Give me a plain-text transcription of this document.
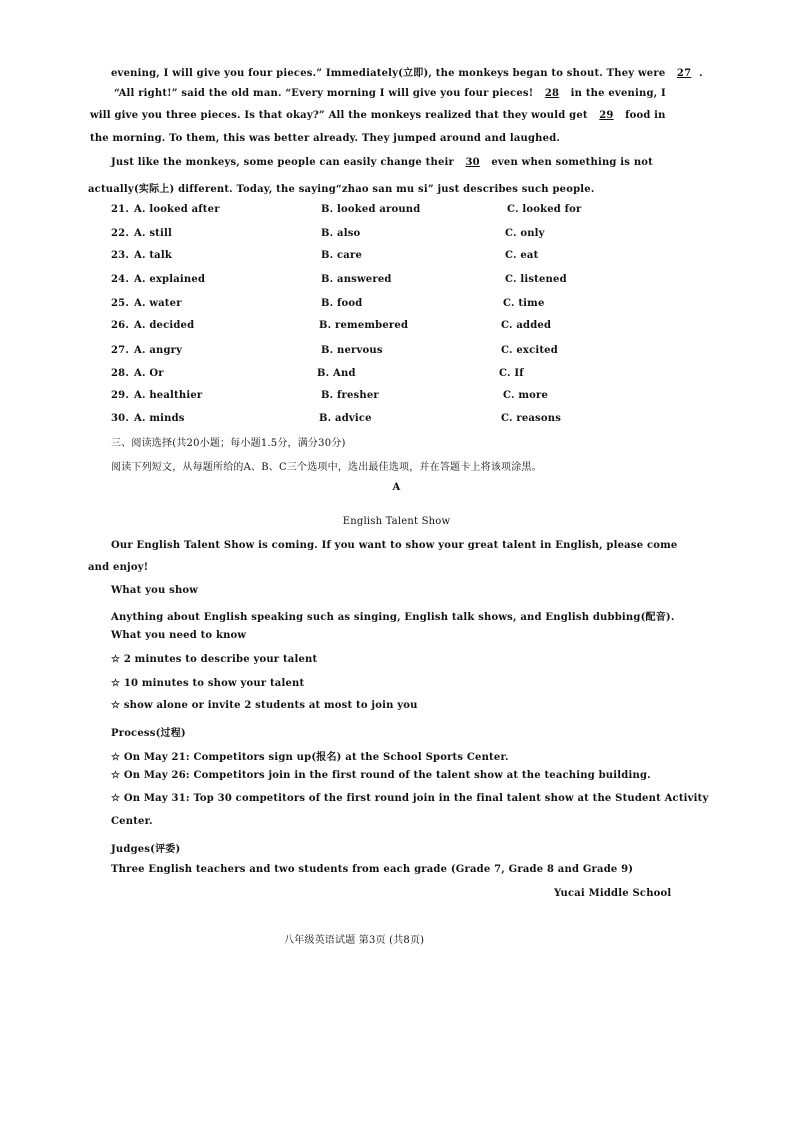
evening, I will give you four pieces.” Immediately(立即), the monkeys began to shout. They were 27.
“All right!” said the old man. “Every morning I will give you four pieces! 28 in the evening, I
will give you three pieces. Is that okay?” All the monkeys realized that they would get 29 food in
the morning. To them, this was better already. They jumped around and laughed.
Just like the monkeys, some people can easily change their 30 even when something is not
actually(实际上) different. Today, the saying“zhao san mu si” just describes such people.
21. A. looked after	B. looked around	C. looked for
22. A. still	B. also	C. only
23. A. talk	B. care	C. eat
24. A. explained	B. answered	C. listened
25. A. water	B. food	C. time
26. A. decided	B. remembered	C. added
27. A. angry	B. nervous	C. excited
28. A. Or	B. And	C. If
29. A. healthier	B. fresher	C. more
30. A. minds	B. advice	C. reasons
三、阅读选择(共20小题；每小题1.5分，满分30分)
阅读下列短文，从每题所给的A、B、C三个选项中，选出最佳选项，并在答题卡上将该项涂黑。
A
English Talent Show
Our English Talent Show is coming. If you want to show your great talent in English, please come
and enjoy!
What you show
Anything about English speaking such as singing, English talk shows, and English dubbing(配音).
What you need to know
☆ 2 minutes to describe your talent
☆ 10 minutes to show your talent
☆ show alone or invite 2 students at most to join you
Process(过程)
☆ On May 21: Competitors sign up(报名) at the School Sports Center.
☆ On May 26: Competitors join in the first round of the talent show at the teaching building.
☆ On May 31: Top 30 competitors of the first round join in the final talent show at the Student Activity
Center.
Judges(评委)
Three English teachers and two students from each grade (Grade 7, Grade 8 and Grade 9)
Yucai Middle School
八年级英语试题 第3页 (共8页)
